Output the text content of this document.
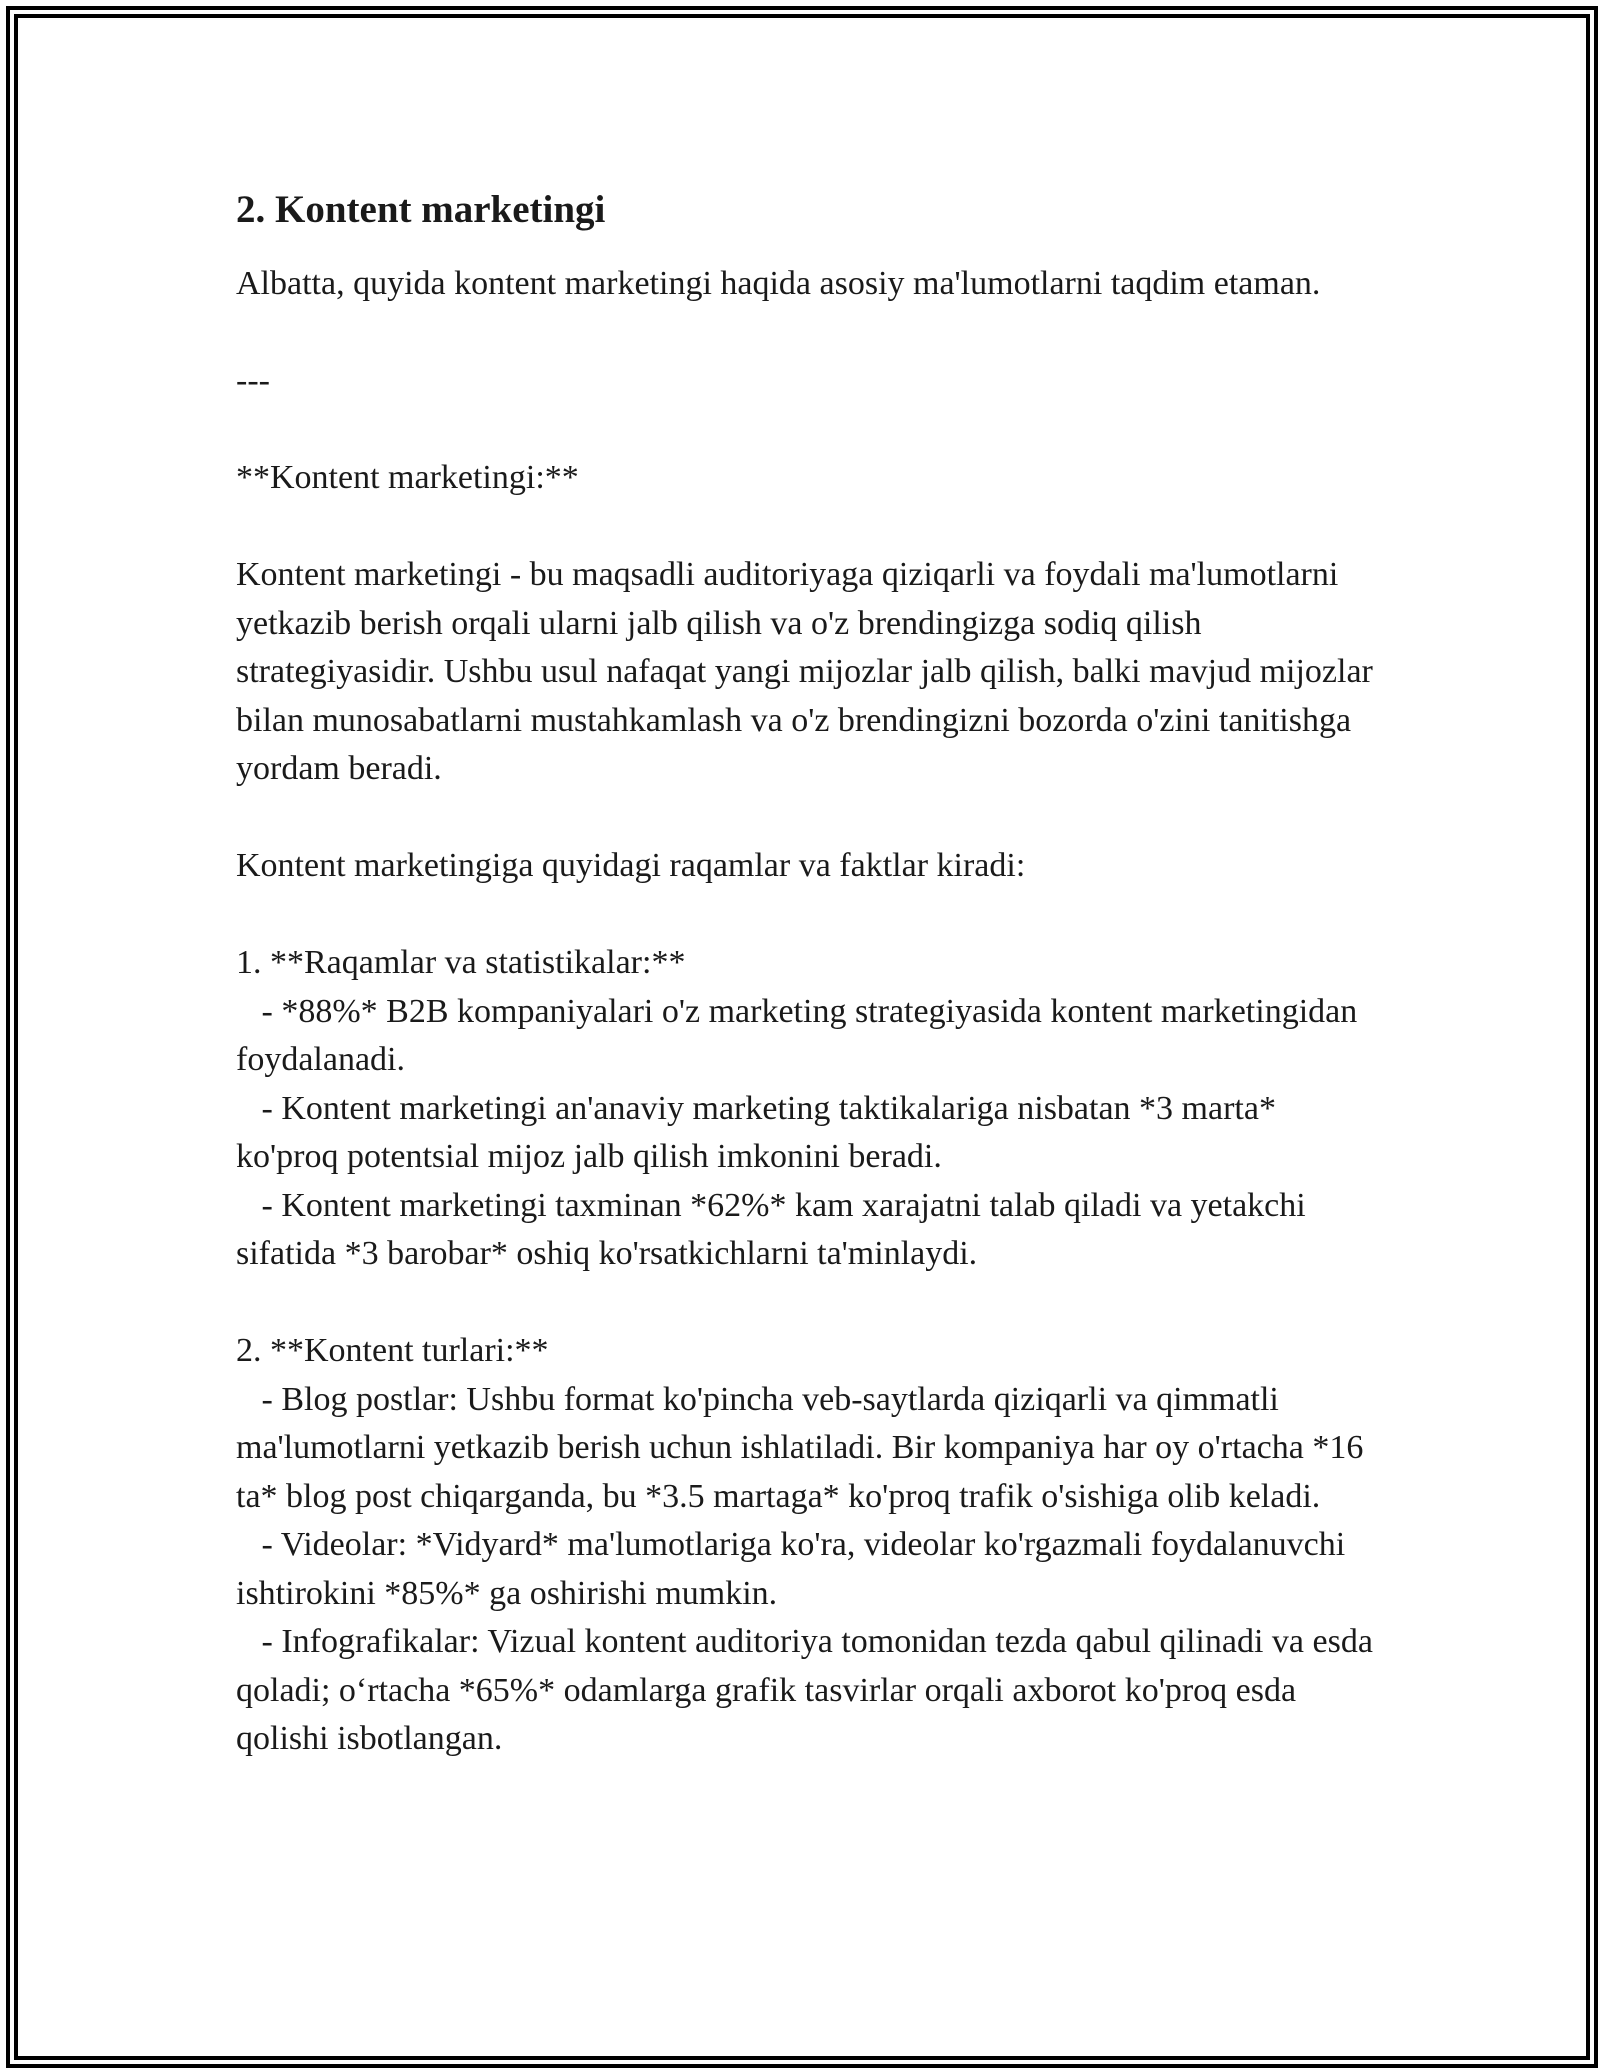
2. Kontent marketingi

Albatta, quyida kontent marketingi haqida asosiy ma'lumotlarni taqdim etaman.

---

**Kontent marketingi:**

Kontent marketingi - bu maqsadli auditoriyaga qiziqarli va foydali ma'lumotlarni yetkazib berish orqali ularni jalb qilish va o'z brendingizga sodiq qilish strategiyasidir. Ushbu usul nafaqat yangi mijozlar jalb qilish, balki mavjud mijozlar bilan munosabatlarni mustahkamlash va o'z brendingizni bozorda o'zini tanitishga yordam beradi.

Kontent marketingiga quyidagi raqamlar va faktlar kiradi:

1. **Raqamlar va statistikalar:**

- *88%* B2B kompaniyalari o'z marketing strategiyasida kontent marketingidan foydalanadi.

- Kontent marketingi an'anaviy marketing taktikalariga nisbatan *3 marta* ko'proq potentsial mijoz jalb qilish imkonini beradi.

- Kontent marketingi taxminan *62%* kam xarajatni talab qiladi va yetakchi sifatida *3 barobar* oshiq ko'rsatkichlarni ta'minlaydi.

2. **Kontent turlari:**

- Blog postlar: Ushbu format ko'pincha veb-saytlarda qiziqarli va qimmatli ma'lumotlarni yetkazib berish uchun ishlatiladi. Bir kompaniya har oy o'rtacha *16 ta* blog post chiqarganda, bu *3.5 martaga* ko'proq trafik o'sishiga olib keladi.

- Videolar: *Vidyard* ma'lumotlariga ko'ra, videolar ko'rgazmali foydalanuvchi ishtirokini *85%* ga oshirishi mumkin.

- Infografikalar: Vizual kontent auditoriya tomonidan tezda qabul qilinadi va esda qoladi; o‘rtacha *65%* odamlarga grafik tasvirlar orqali axborot ko'proq esda qolishi isbotlangan.
